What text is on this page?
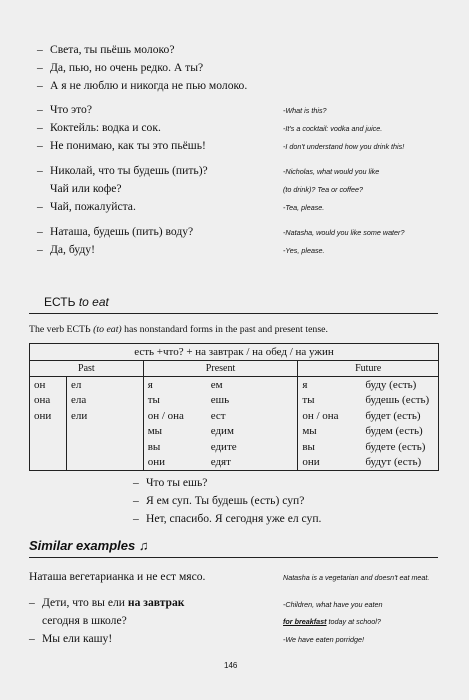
– Света, ты пьёшь молоко?
– Да, пью, но очень редко. А ты?
– А я не люблю и никогда не пью молоко.
– Что это?	-What is this?
– Коктейль: водка и сок.	-It's a cocktail: vodka and juice.
– Не понимаю, как ты это пьёшь!	-I don't understand how you drink this!
– Николай, что ты будешь (пить)?	-Nicholas, what would you like
Чай или кофе?	(to drink)? Tea or coffee?
– Чай, пожалуйста.	-Tea, please.
– Наташа, будешь (пить) воду?	-Natasha, would you like some water?
– Да, буду!	-Yes, please.
ЕСТЬ to eat
The verb ЕСТЬ (to eat) has nonstandard forms in the past and present tense.
есть +что? + на завтрак / на обед / на ужин					
Past		Present		Future	
он	ел	я	ем	я	буду (есть)
она	ела	ты	ешь	ты	будешь (есть)
они	ели	он / она	ест	он / она	будет (есть)
		мы	едим	мы	будем (есть)
		вы	едите	вы	будете (есть)
		они	едят	они	будут (есть)
– Что ты ешь?
– Я ем суп. Ты будешь (есть) суп?
– Нет, спасибо. Я сегодня уже ел суп.
Similar examples ♫
Наташа вегетарианка и не ест мясо.	Natasha is a vegetarian and doesn't eat meat.
– Дети, что вы ели на завтрак	-Children, what have you eaten
сегодня в школе?	for breakfast today at school?
– Мы ели кашу!	-We have eaten porridge!
146
